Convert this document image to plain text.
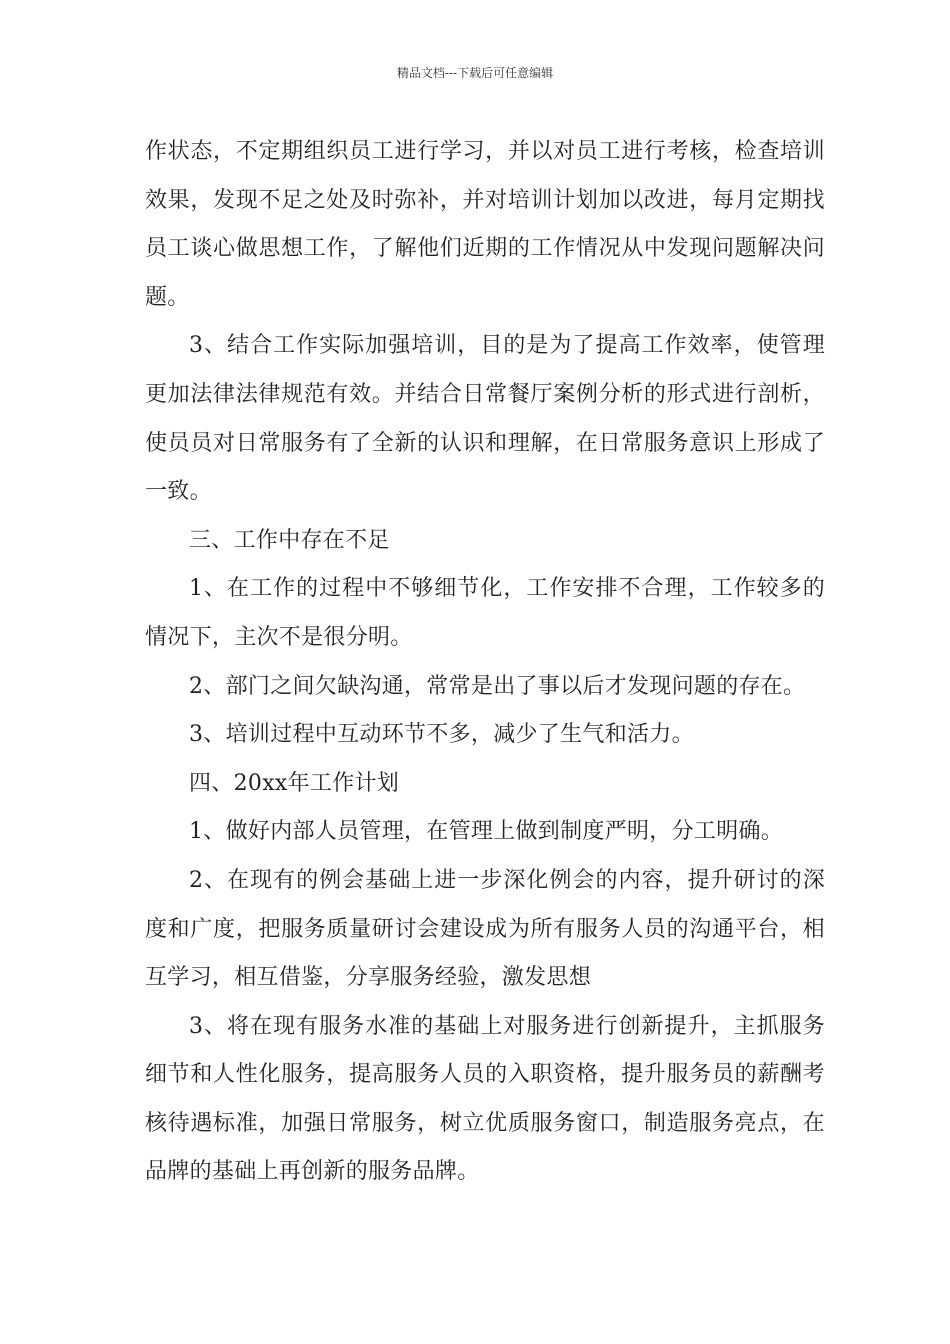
精品文档---下载后可任意编辑

作状态，不定期组织员工进行学习，并以对员工进行考核，检查培训效果，发现不足之处及时弥补，并对培训计划加以改进，每月定期找员工谈心做思想工作，了解他们近期的工作情况从中发现问题解决问题。

3、结合工作实际加强培训，目的是为了提高工作效率，使管理更加法律法律规范有效。并结合日常餐厅案例分析的形式进行剖析，使员员对日常服务有了全新的认识和理解，在日常服务意识上形成了一致。

三、工作中存在不足

1、在工作的过程中不够细节化，工作安排不合理，工作较多的情况下，主次不是很分明。

2、部门之间欠缺沟通，常常是出了事以后才发现问题的存在。

3、培训过程中互动环节不多，减少了生气和活力。

四、20xx年工作计划

1、做好内部人员管理，在管理上做到制度严明，分工明确。

2、在现有的例会基础上进一步深化例会的内容，提升研讨的深度和广度，把服务质量研讨会建设成为所有服务人员的沟通平台，相互学习，相互借鉴，分享服务经验，激发思想

3、将在现有服务水准的基础上对服务进行创新提升，主抓服务细节和人性化服务，提高服务人员的入职资格，提升服务员的薪酬考核待遇标准，加强日常服务，树立优质服务窗口，制造服务亮点，在品牌的基础上再创新的服务品牌。
